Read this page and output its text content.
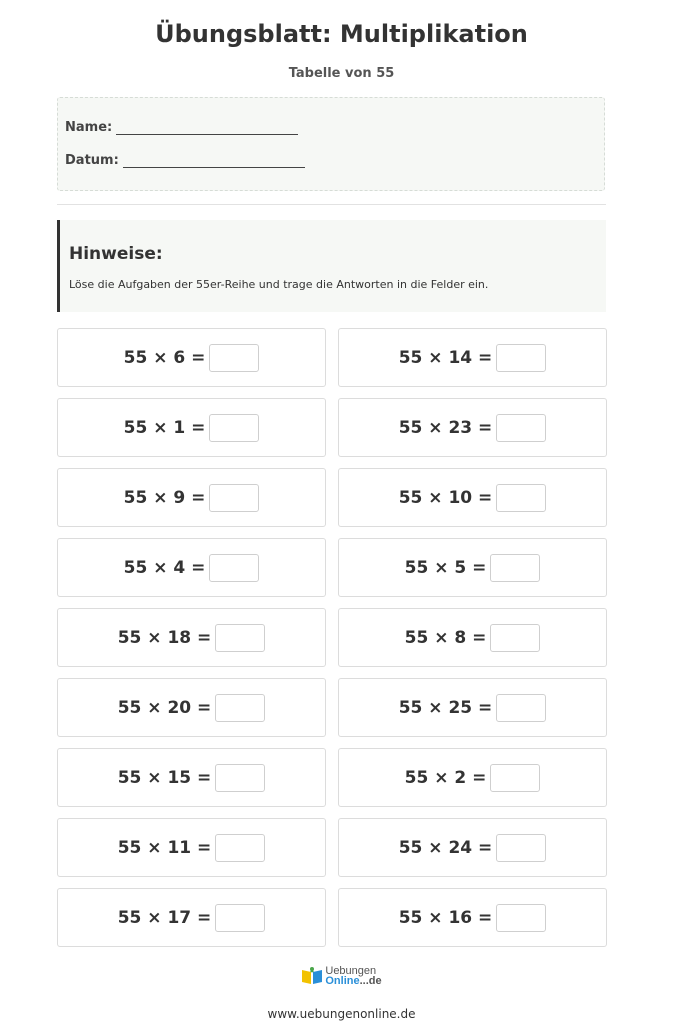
Übungsblatt: Multiplikation
Tabelle von 55
Name:
Datum:
Hinweise:
Löse die Aufgaben der 55er-Reihe und trage die Antworten in die Felder ein.
55 × 6 =	55 × 14 =
55 × 1 =	55 × 23 =
55 × 9 =	55 × 10 =
55 × 4 =	55 × 5 =
55 × 18 =	55 × 8 =
55 × 20 =	55 × 25 =
55 × 15 =	55 × 2 =
55 × 11 =	55 × 24 =
55 × 17 =	55 × 16 =
Uebungen
Online...de
www.uebungenonline.de
